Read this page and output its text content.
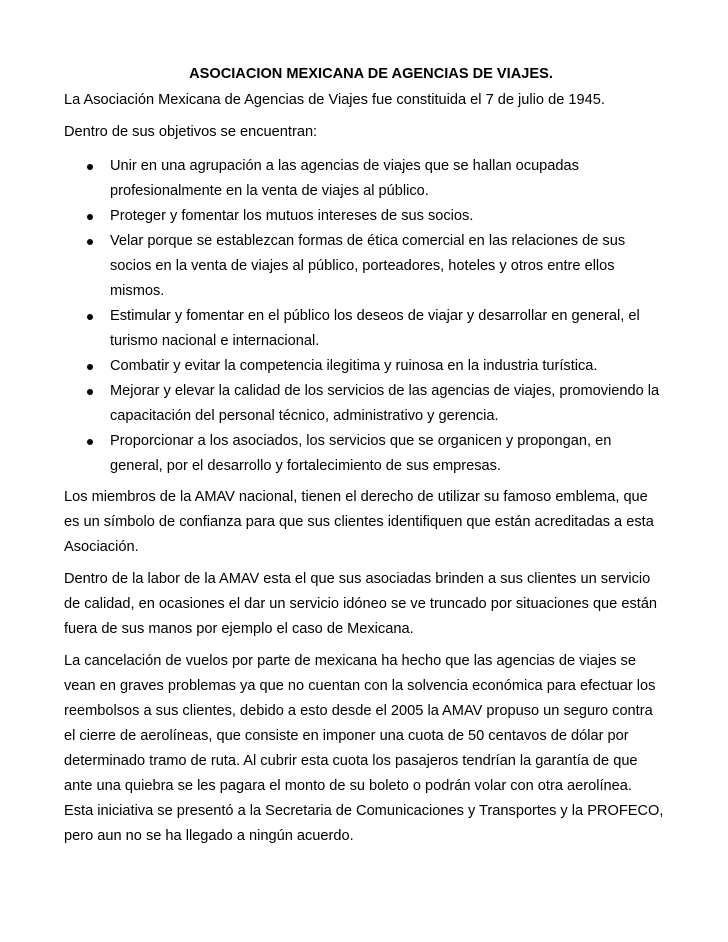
ASOCIACION MEXICANA DE AGENCIAS DE VIAJES.

La Asociación Mexicana de Agencias de Viajes fue constituida el 7 de julio de 1945.

Dentro de sus objetivos se encuentran:

Unir en una agrupación a las agencias de viajes que se hallan ocupadas profesionalmente en la venta de viajes al público.
Proteger y fomentar los mutuos intereses de sus socios.
Velar porque se establezcan formas de ética comercial en las relaciones de sus socios en la venta de viajes al público, porteadores, hoteles y otros entre ellos mismos.
Estimular y fomentar en el público los deseos de viajar y desarrollar en general, el turismo nacional e internacional.
Combatir y evitar la competencia ilegitima y ruinosa en la industria turística.
Mejorar y elevar la calidad de los servicios de las agencias de viajes, promoviendo la capacitación del personal técnico, administrativo y gerencia.
Proporcionar a los asociados, los servicios que se organicen y propongan, en general, por el desarrollo y fortalecimiento de sus empresas.

Los miembros de la AMAV nacional, tienen el derecho de utilizar su famoso emblema, que es un símbolo de confianza para que sus clientes identifiquen que están acreditadas a esta Asociación.

Dentro de la labor de la AMAV esta el que sus asociadas brinden a sus clientes un servicio de calidad, en ocasiones el dar un servicio idóneo se ve truncado por situaciones que están fuera de sus manos por ejemplo el caso de Mexicana.

La cancelación de vuelos por parte de mexicana ha hecho que las agencias de viajes se vean en graves problemas ya que no cuentan con la solvencia económica para efectuar los reembolsos a sus clientes, debido a esto desde el 2005 la AMAV propuso un seguro contra el cierre de aerolíneas, que consiste en imponer una cuota de 50 centavos de dólar por determinado tramo de ruta. Al cubrir esta cuota los pasajeros tendrían la garantía de que ante una quiebra se les pagara el monto de su boleto o podrán volar con otra aerolínea. Esta iniciativa se presentó a la Secretaria de Comunicaciones y Transportes y la PROFECO, pero aun no se ha llegado a ningún acuerdo.
